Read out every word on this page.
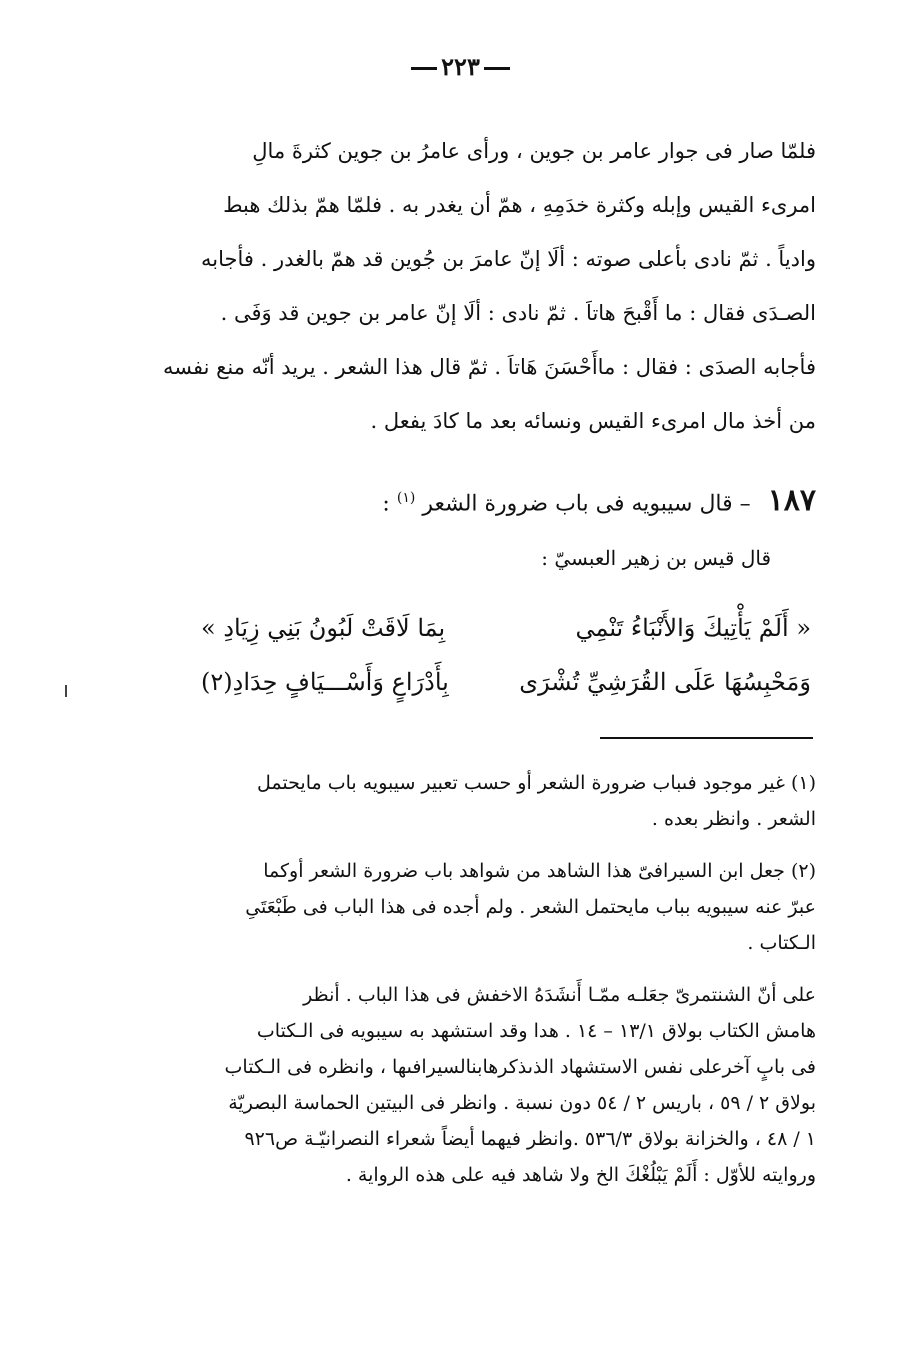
٢٢٣
فلمّا صار فى جوار عامر بن جوين ، ورأى عامرُ بن جوين كثرةَ مالِ
امرىء القيس وإبله وكثرة خدَمِهِ ، همّ أن يغدر به . فلمّا همّ بذلك هبط
وادياً . ثمّ نادى بأعلى صوته : ألَا إنّ عامرَ بن جُوين قد همّ بالغدر . فأجابه
الصـدَى فقال : ما أَقْبحَ هاتاَ . ثمّ نادى : ألَا إنّ عامر بن جوين قد وَفَى .
فأجابه الصدَى : فقال : ماأَحْسَنَ هَاتاَ . ثمّ قال هذا الشعر . يريد أنّه منع نفسه
من أخذ مال امرىء القيس ونسائه بعد ما كادَ يفعل .
١٨٧ – قال سيبويه فى باب ضرورة الشعر $^{(١)}$ :
قال قيس بن زهير العبسيّ :
« أَلَمْ يَأْتِيكَ وَالأَنْبَاءُ تَنْمِي
بِمَا لَاقَتْ لَبُونُ بَنِي زِيَادِ »
وَمَحْبِسُهَا عَلَى القُرَشِيِّ تُشْرَى
بِأَدْرَاعٍ وَأَسْـــيَافٍ حِدَادِ(٢)
(١) غير موجود فىباب ضرورة الشعر أو حسب تعبير سيبويه باب مايحتمل
الشعر . وانظر بعده .
(٢) جعل ابن السيرافىّ هذا الشاهد من شواهد باب ضرورة الشعر أوكما
عبرّ عنه سيبويه بباب مايحتمل الشعر . ولم أجده فى هذا الباب فى طَبْعَتَىِ
الـكتاب .
على أنّ الشنتمرىّ جعَلـه ممّـا أَنشَدَهُ الاخفش فى هذا الباب . أنظر
هامش الكتاب بولاق ١٣/١ – ١٤ . هدا وقد استشهد به سيبويه فى الـكتاب
فى بابٍ آخرعلى نفس الاستشهاد الذىذكرهابنالسيرافىها ، وانظره فى الـكتاب
بولاق ٢ / ٥٩ ، باريس ٢ / ٥٤ دون نسبة . وانظر فى البيتين الحماسة البصريّة
١ / ٤٨ ، والخزانة بولاق ٥٣٦/٣ .وانظر فيهما أيضاً شعراء النصرانيّـة ص٩٢٦
وروايته للأوّل : أَلَمْ يَبْلُغْكَ الخ ولا شاهد فيه على هذه الرواية .
